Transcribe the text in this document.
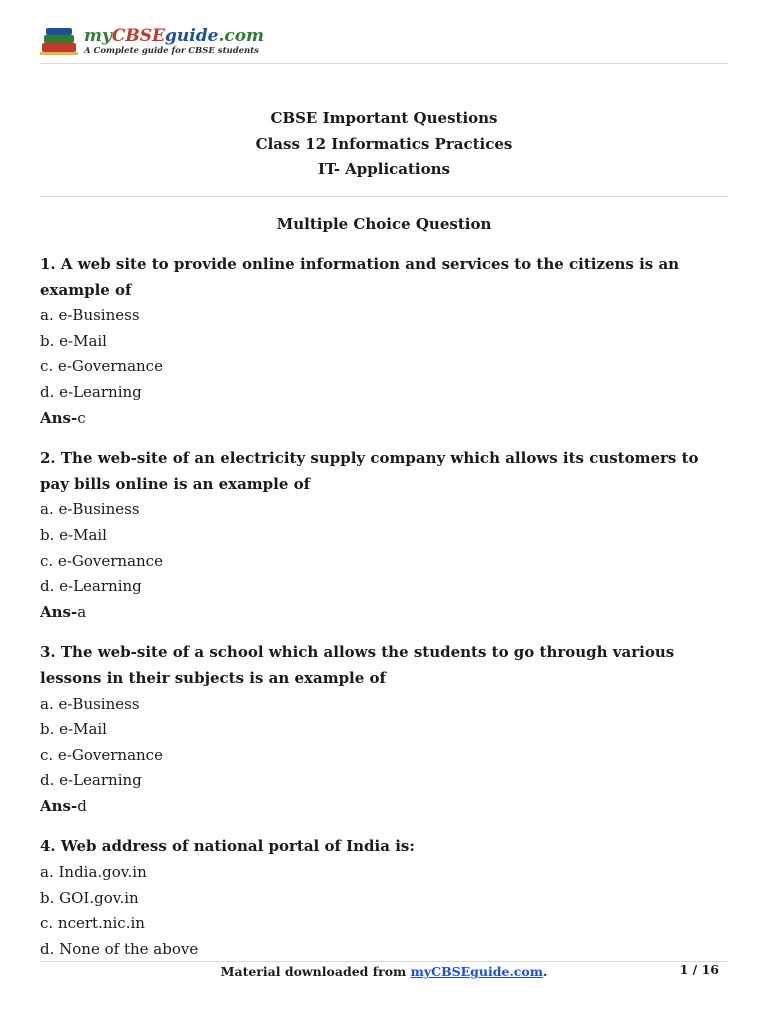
myCBSEguide.com
A Complete guide for CBSE students
CBSE Important Questions
Class 12 Informatics Practices
IT- Applications
Multiple Choice Question
1. A web site to provide online information and services to the citizens is an example of
a. e-Business
b. e-Mail
c. e-Governance
d. e-Learning
Ans-c
2. The web-site of an electricity supply company which allows its customers to pay bills online is an example of
a. e-Business
b. e-Mail
c. e-Governance
d. e-Learning
Ans-a
3. The web-site of a school which allows the students to go through various lessons in their subjects is an example of
a. e-Business
b. e-Mail
c. e-Governance
d. e-Learning
Ans-d
4. Web address of national portal of India is:
a. India.gov.in
b. GOI.gov.in
c. ncert.nic.in
d. None of the above
Material downloaded from myCBSEguide.com.	1 / 16
